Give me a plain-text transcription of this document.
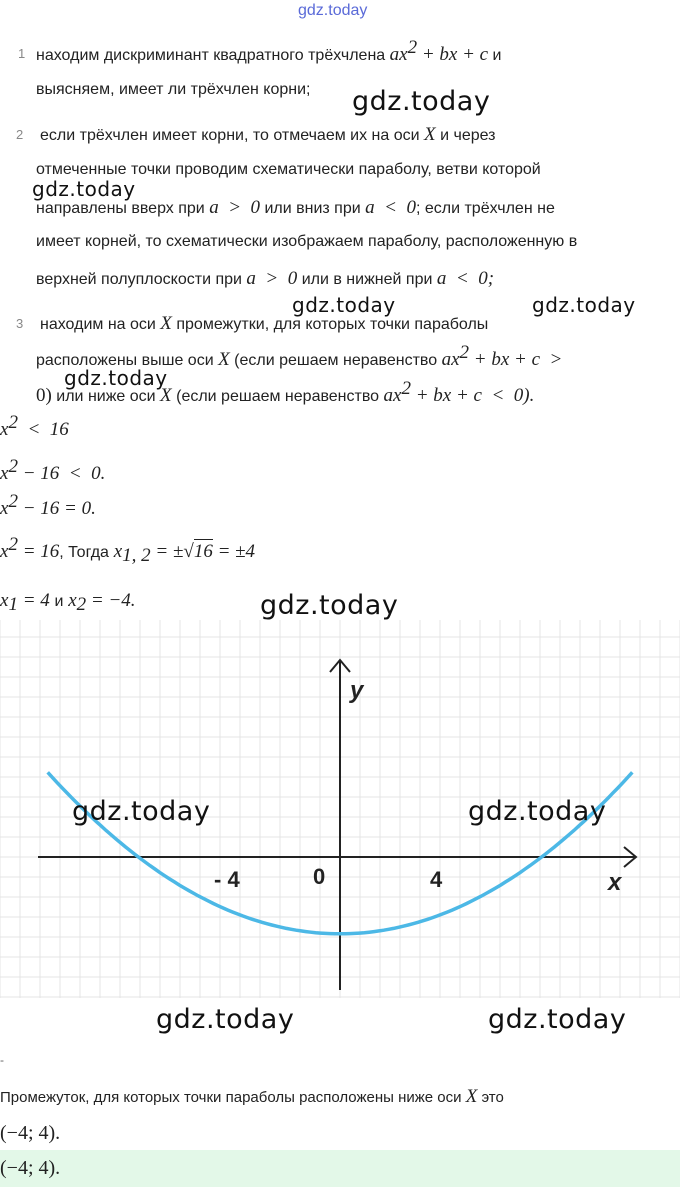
gdz.today
1 находим дискриминант квадратного трёхчлена $ax^2$ + bx + c и
выясняем, имеет ли трёхчлен корни;
2 если трёхчлен имеет корни, то отмечаем их на оси X и через
отмеченные точки проводим схематически параболу, ветви которой
направлены вверх при a  >  0 или вниз при a  <  0; если трёхчлен не
имеет корней, то схематически изображаем параболу, расположенную в
верхней полуплоскости при a  >  0 или в нижней при a  <  0;
3 находим на оси X промежутки, для которых точки параболы
расположены выше оси X (если решаем неравенство $ax^2$ + bx + c  >
0) или ниже оси X (если решаем неравенство $ax^2$ + bx + c  <  0).
$x^2 < 16$
$x^2 - 16 < 0$.
$x^2 - 16 = 0$.
$x^2 = 16$, Тогда $x_{1, 2} = \pm√16 = \pm 4$
$x_1 = 4$ и $x_2 = -4$.
y
x
0
- 4	4
gdz.today
gdz.today
gdz.today	gdz.today
gdz.today
gdz.today
gdz.today	gdz.today
gdz.today	gdz.today
-
Промежуток, для которых точки параболы расположены ниже оси X это
(−4; 4).
(−4; 4).
